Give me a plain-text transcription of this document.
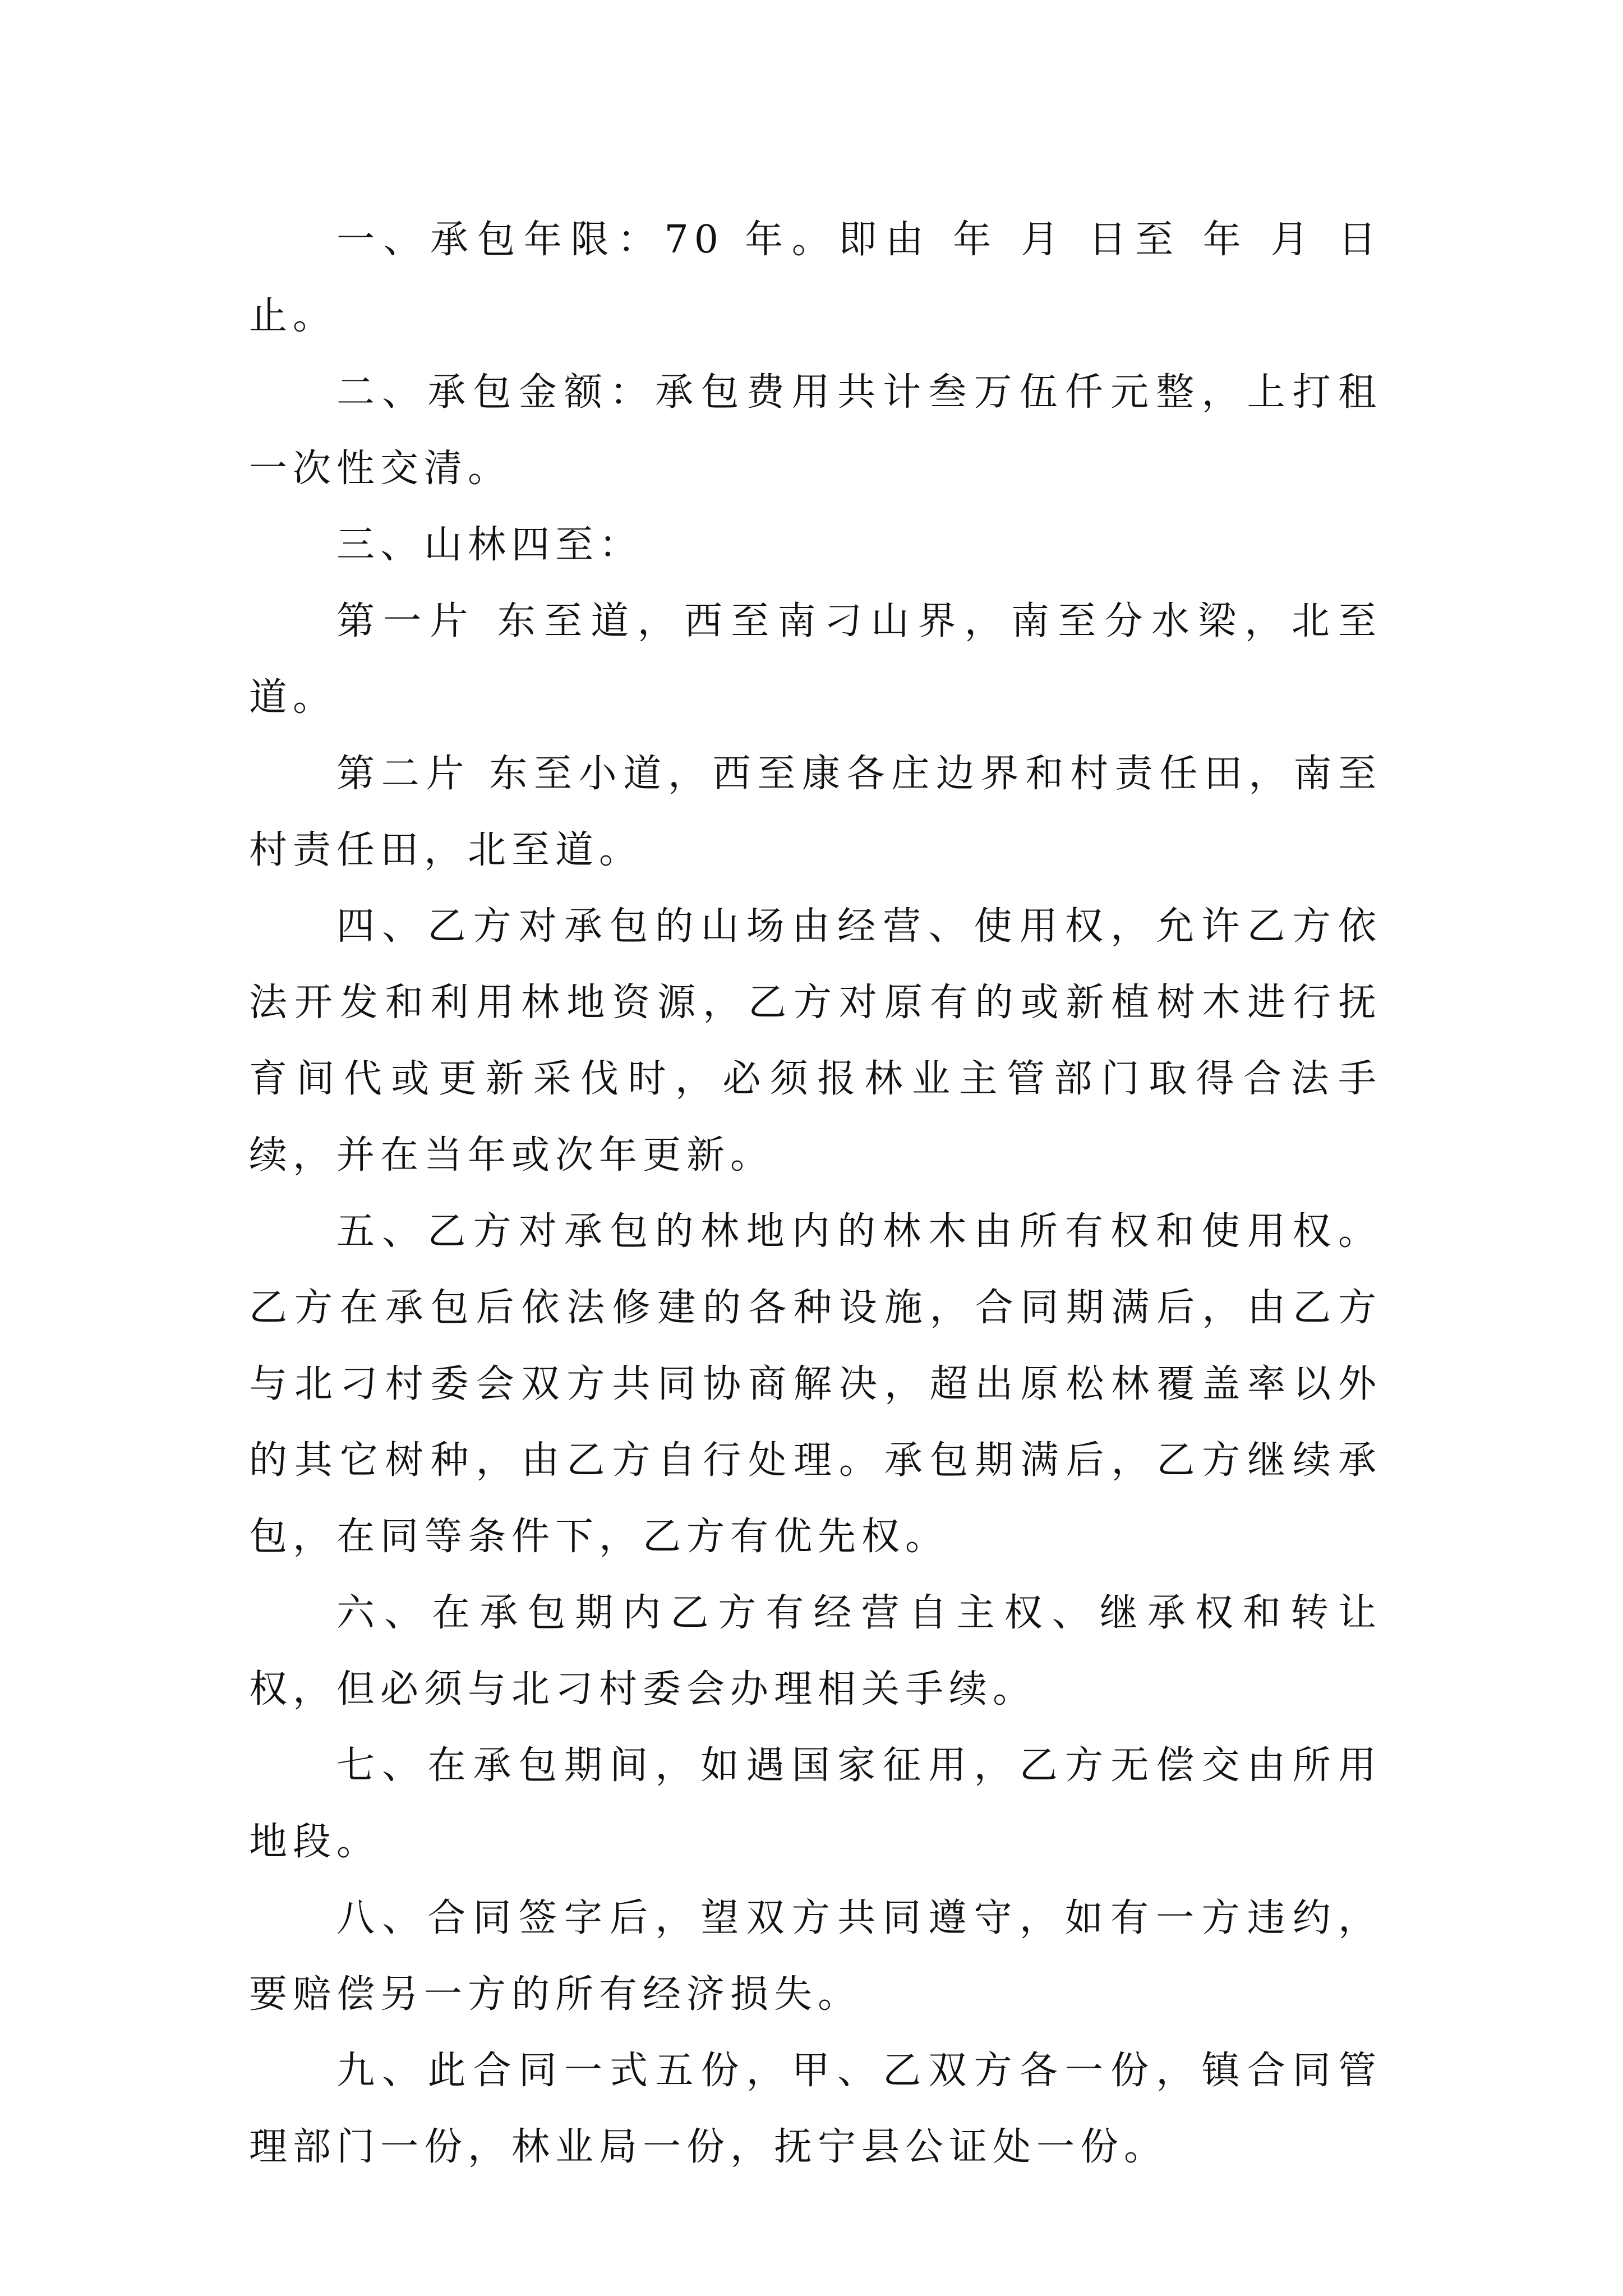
一、承包年限：70 年。即由 年 月 日至 年 月 日止。

二、承包金额：承包费用共计叁万伍仟元整，上打租一次性交清。

三、山林四至：

第一片 东至道，西至南刁山界，南至分水梁，北至道。

第二片 东至小道，西至康各庄边界和村责任田，南至村责任田，北至道。

四、乙方对承包的山场由经营、使用权，允许乙方依法开发和利用林地资源，乙方对原有的或新植树木进行抚育间代或更新采伐时，必须报林业主管部门取得合法手续，并在当年或次年更新。

五、乙方对承包的林地内的林木由所有权和使用权。乙方在承包后依法修建的各种设施，合同期满后，由乙方与北刁村委会双方共同协商解决，超出原松林覆盖率以外的其它树种，由乙方自行处理。承包期满后，乙方继续承包，在同等条件下，乙方有优先权。

六、在承包期内乙方有经营自主权、继承权和转让权，但必须与北刁村委会办理相关手续。

七、在承包期间，如遇国家征用，乙方无偿交由所用地段。

八、合同签字后，望双方共同遵守，如有一方违约，要赔偿另一方的所有经济损失。

九、此合同一式五份，甲、乙双方各一份，镇合同管理部门一份，林业局一份，抚宁县公证处一份。
